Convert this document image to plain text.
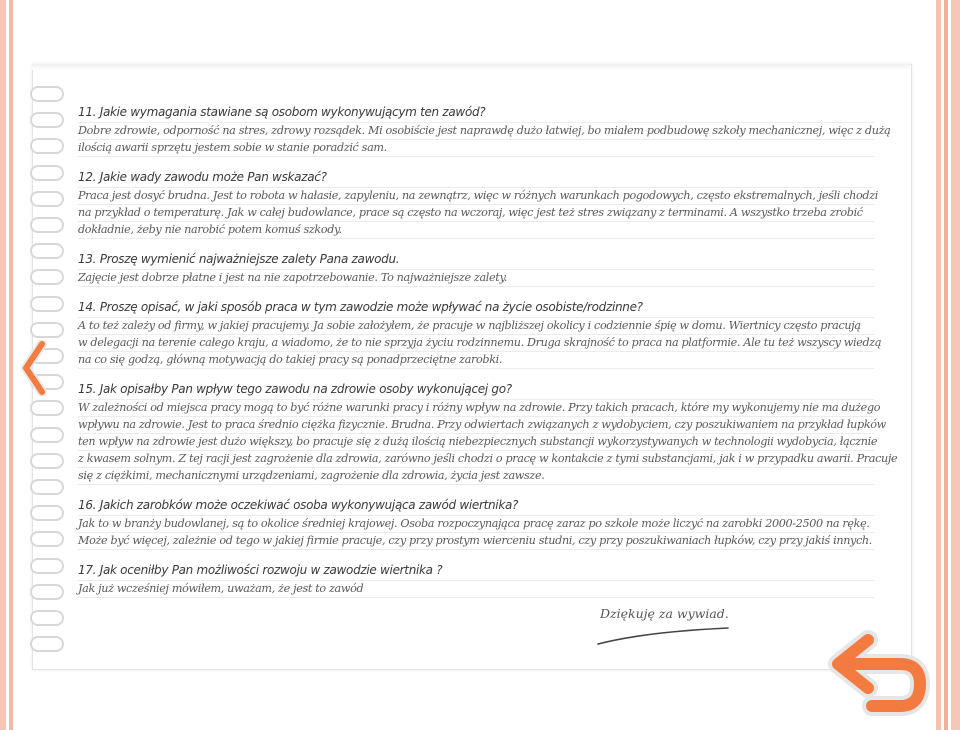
11. Jakie wymagania stawiane są osobom wykonywującym ten zawód?
Dobre zdrowie, odporność na stres, zdrowy rozsądek. Mi osobiście jest naprawdę dużo łatwiej, bo miałem podbudowę szkoły mechanicznej, więc z dużą
ilością awarii sprzętu jestem sobie w stanie poradzić sam.
12. Jakie wady zawodu może Pan wskazać?
Praca jest dosyć brudna. Jest to robota w hałasie, zapyleniu, na zewnątrz, więc w różnych warunkach pogodowych, często ekstremalnych, jeśli chodzi
na przykład o temperaturę. Jak w całej budowlance, prace są często na wczoraj, więc jest też stres związany z terminami. A wszystko trzeba zrobić
dokładnie, żeby nie narobić potem komuś szkody.
13. Proszę wymienić najważniejsze zalety Pana zawodu.
Zajęcie jest dobrze płatne i jest na nie zapotrzebowanie. To najważniejsze zalety.
14. Proszę opisać, w jaki sposób praca w tym zawodzie może wpływać na życie osobiste/rodzinne?
A to też zależy od firmy, w jakiej pracujemy. Ja sobie założyłem, że pracuje w najbliższej okolicy i codziennie śpię w domu. Wiertnicy często pracują
w delegacji na terenie całego kraju, a wiadomo, że to nie sprzyja życiu rodzinnemu. Druga skrajność to praca na platformie. Ale tu też wszyscy wiedzą
na co się godzą, główną motywacją do takiej pracy są ponadprzeciętne zarobki.
15. Jak opisałby Pan wpływ tego zawodu na zdrowie osoby wykonującej go?
W zależności od miejsca pracy mogą to być różne warunki pracy i różny wpływ na zdrowie. Przy takich pracach, które my wykonujemy nie ma dużego
wpływu na zdrowie. Jest to praca średnio ciężka fizycznie. Brudna. Przy odwiertach związanych z wydobyciem, czy poszukiwaniem na przykład łupków
ten wpływ na zdrowie jest dużo większy, bo pracuje się z dużą ilością niebezpiecznych substancji wykorzystywanych w technologii wydobycia, łącznie
z kwasem solnym. Z tej racji jest zagrożenie dla zdrowia, zarówno jeśli chodzi o pracę w kontakcie z tymi substancjami, jak i w przypadku awarii. Pracuje
się z ciężkimi, mechanicznymi urządzeniami, zagrożenie dla zdrowia, życia jest zawsze.
16. Jakich zarobków może oczekiwać osoba wykonywująca zawód wiertnika?
Jak to w branży budowlanej, są to okolice średniej krajowej. Osoba rozpoczynająca pracę zaraz po szkole może liczyć na zarobki 2000-2500 na rękę.
Może być więcej, zależnie od tego w jakiej firmie pracuje, czy przy prostym wierceniu studni, czy przy poszukiwaniach łupków, czy przy jakiś innych.
17. Jak oceniłby Pan możliwości rozwoju w zawodzie wiertnika ?
Jak już wcześniej mówiłem, uważam, że jest to zawód
Dziękuję za wywiad.
